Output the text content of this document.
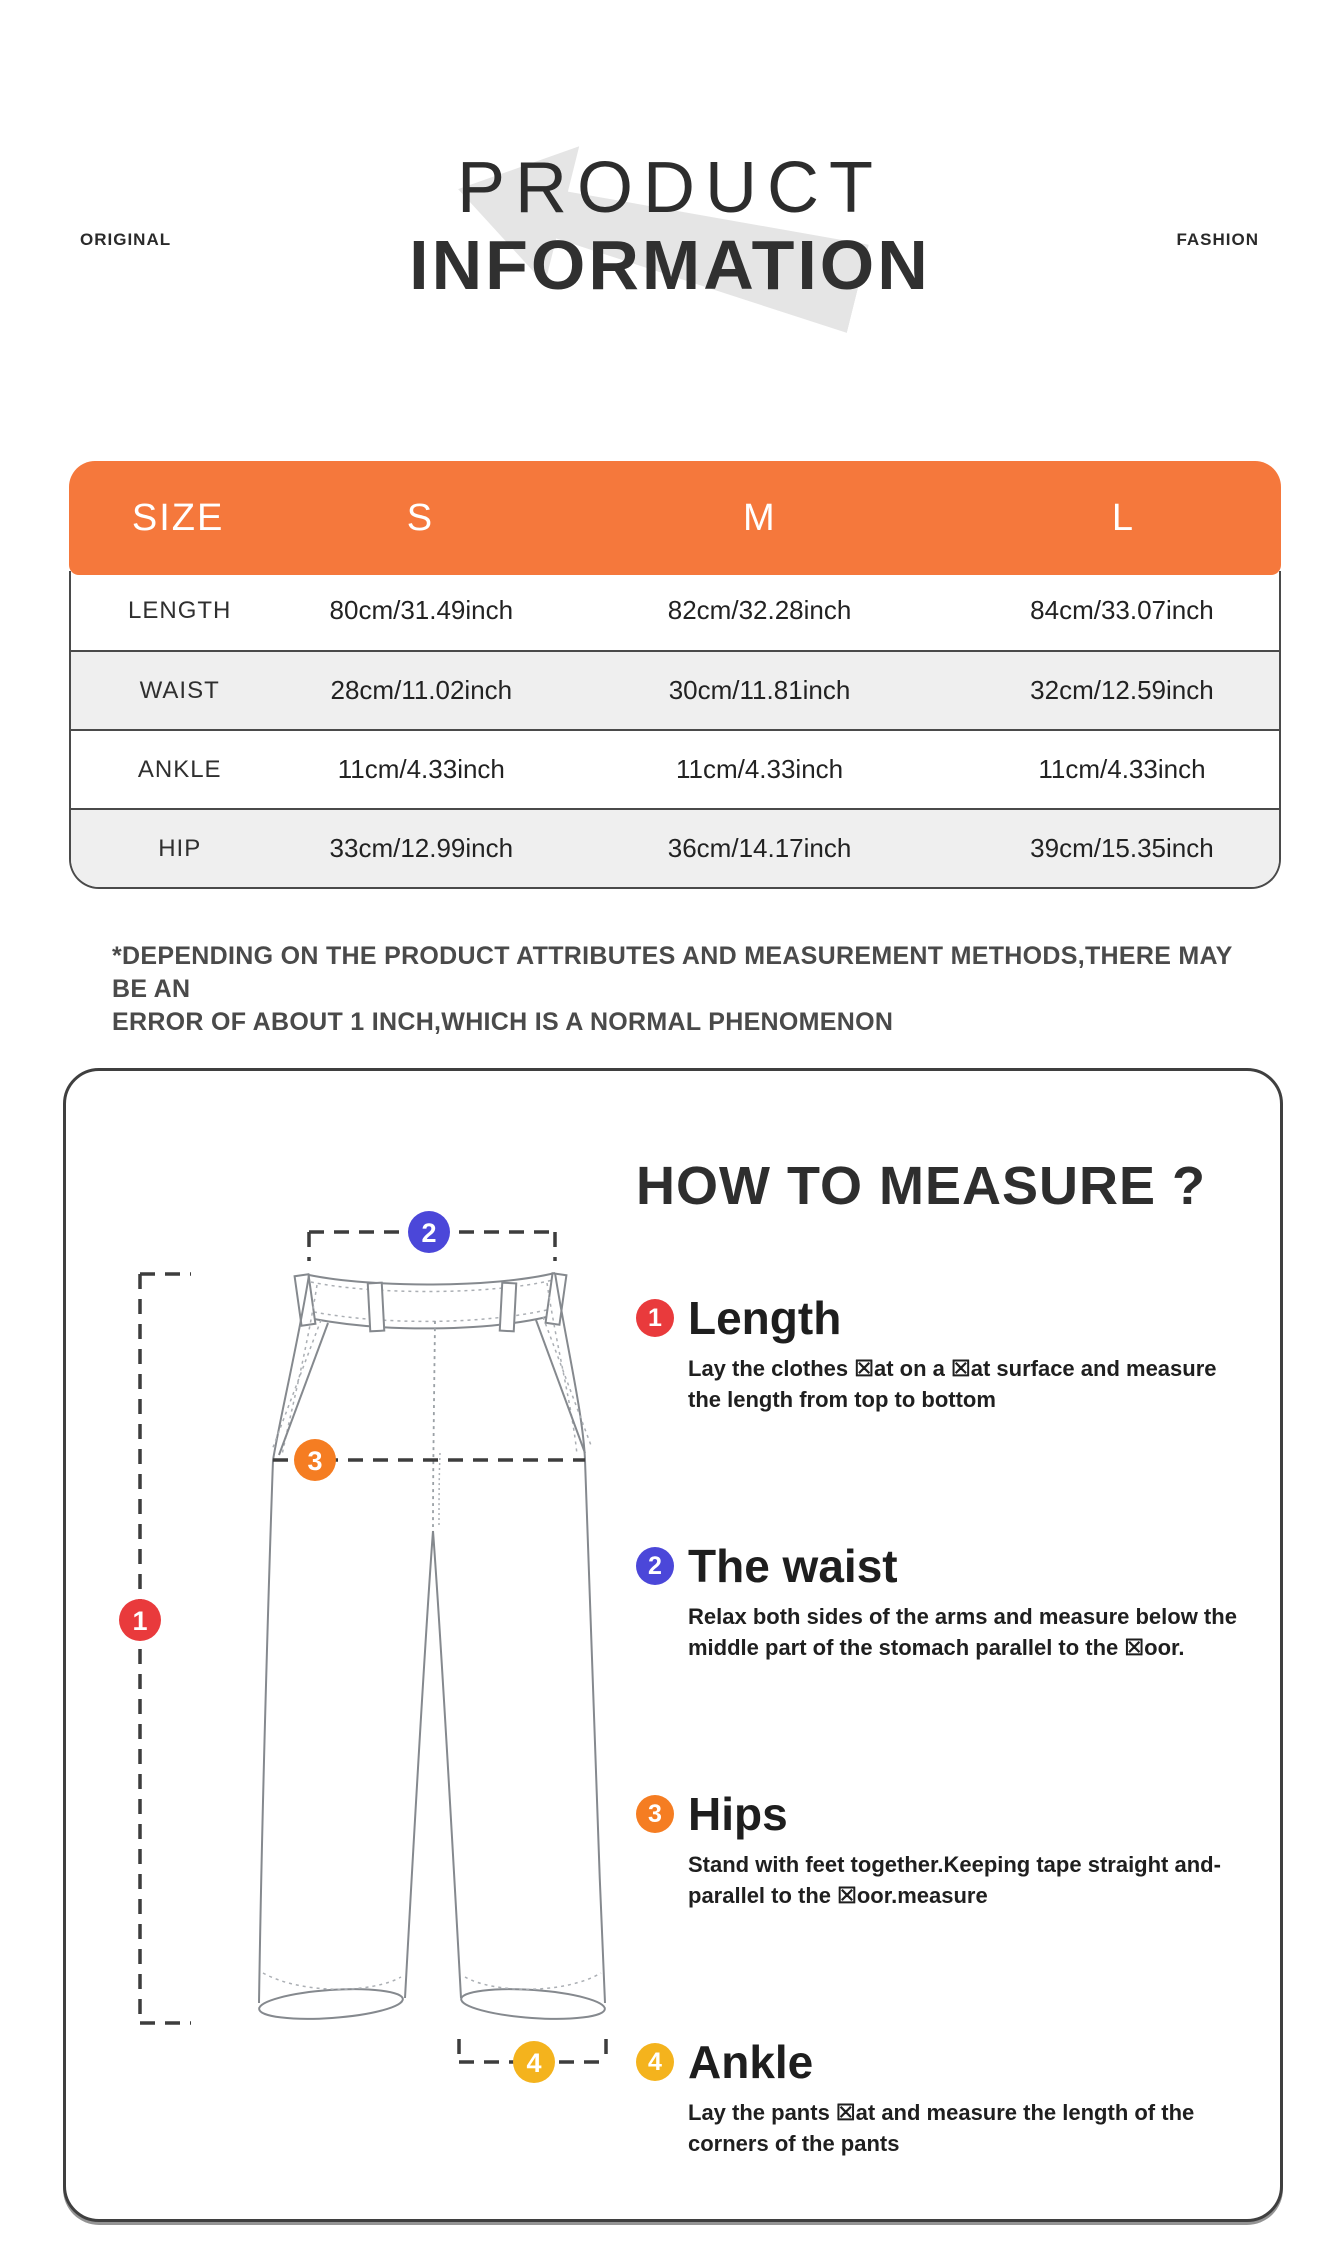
ORIGINAL	FASHION
PRODUCT
INFORMATION
SIZE	S	M	L
LENGTH	80cm/31.49inch	82cm/32.28inch	84cm/33.07inch
WAIST	28cm/11.02inch	30cm/11.81inch	32cm/12.59inch
ANKLE	11cm/4.33inch	11cm/4.33inch	11cm/4.33inch
HIP	33cm/12.99inch	36cm/14.17inch	39cm/15.35inch
*DEPENDING ON THE PRODUCT ATTRIBUTES AND MEASUREMENT METHODS,THERE MAY BE AN
ERROR OF ABOUT 1 INCH,WHICH IS A NORMAL PHENOMENON
1
2
3
4
HOW TO MEASURE ?
1 Length
Lay the clothes ☒at on a ☒at surface and measure the length from top to bottom
2 The waist
Relax both sides of the arms and measure below the middle part of the stomach parallel to the ☒oor.
3 Hips
Stand with feet together.Keeping tape straight and-parallel to the ☒oor.measure
4 Ankle
Lay the pants ☒at and measure the length of the corners of the pants
